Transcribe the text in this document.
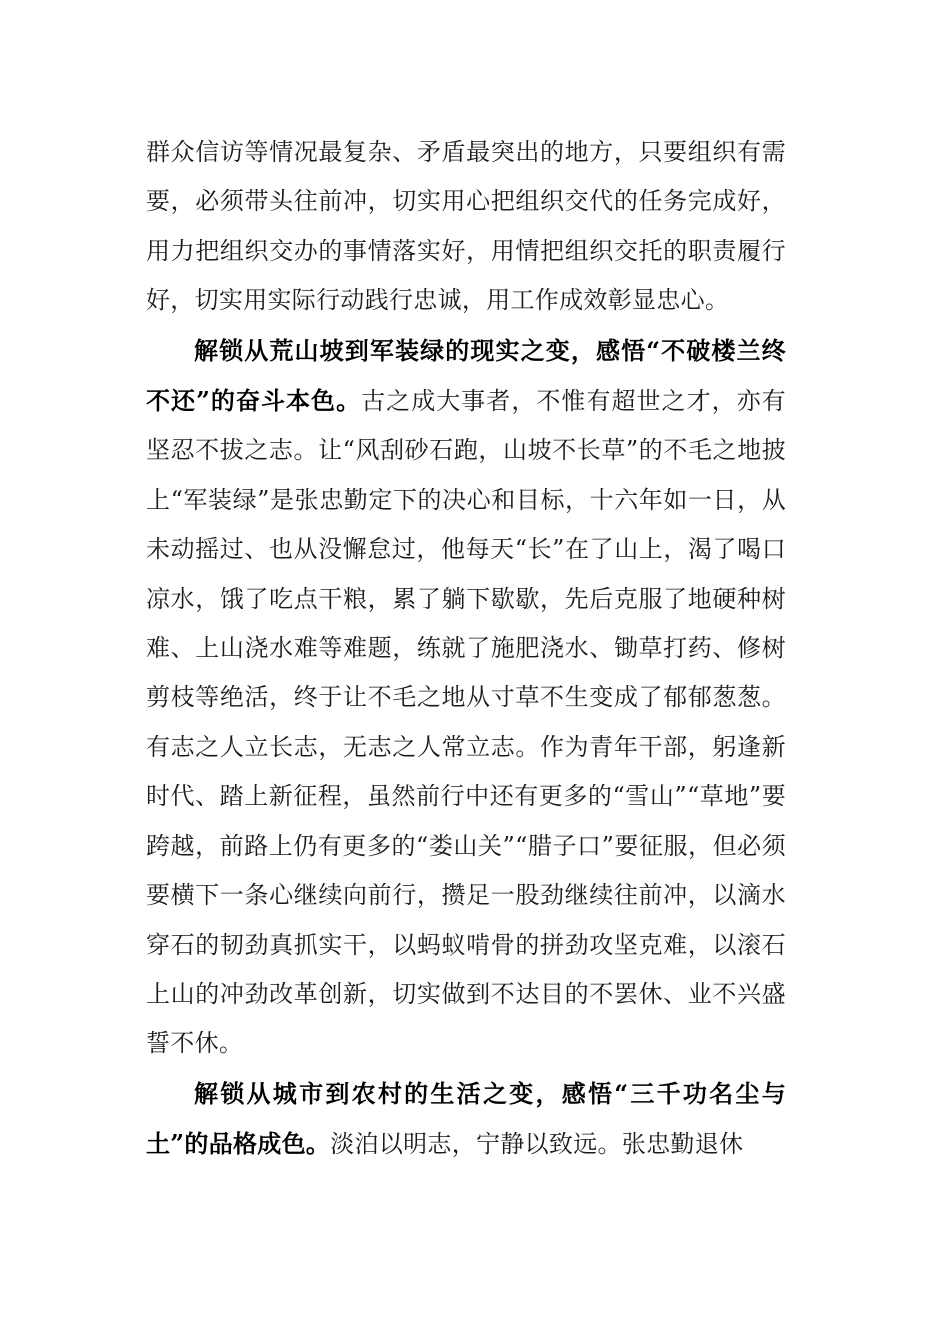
群众信访等情况最复杂、矛盾最突出的地方，只要组织有需要，必须带头往前冲，切实用心把组织交代的任务完成好，用力把组织交办的事情落实好，用情把组织交托的职责履行好，切实用实际行动践行忠诚，用工作成效彰显忠心。

解锁从荒山坡到军装绿的现实之变，感悟“不破楼兰终不还”的奋斗本色。古之成大事者，不惟有超世之才，亦有坚忍不拔之志。让“风刮砂石跑，山坡不长草”的不毛之地披上“军装绿”是张忠勤定下的决心和目标，十六年如一日，从未动摇过、也从没懈怠过，他每天“长”在了山上，渴了喝口凉水，饿了吃点干粮，累了躺下歇歇，先后克服了地硬种树难、上山浇水难等难题，练就了施肥浇水、锄草打药、修树剪枝等绝活，终于让不毛之地从寸草不生变成了郁郁葱葱。有志之人立长志，无志之人常立志。作为青年干部，躬逢新时代、踏上新征程，虽然前行中还有更多的“雪山”“草地”要跨越，前路上仍有更多的“娄山关”“腊子口”要征服，但必须要横下一条心继续向前行，攒足一股劲继续往前冲，以滴水穿石的韧劲真抓实干，以蚂蚁啃骨的拼劲攻坚克难，以滚石上山的冲劲改革创新，切实做到不达目的不罢休、业不兴盛誓不休。

解锁从城市到农村的生活之变，感悟“三千功名尘与土”的品格成色。淡泊以明志，宁静以致远。张忠勤退休
